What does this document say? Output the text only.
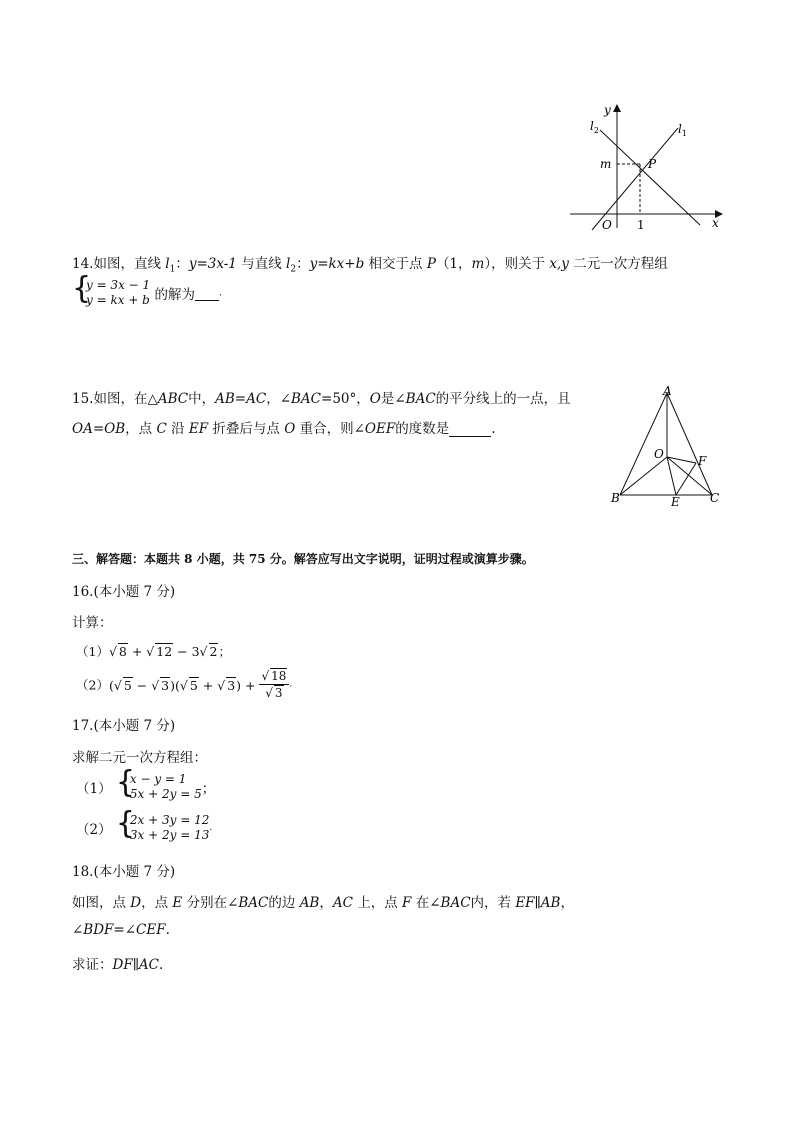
y
x
$l_2$	$l_1$
m	P
O 1
14.如图，直线 $l_1$：y=3x-1 与直线 $l_2$：y=kx+b 相交于点 P（1，m），则关于 x,y 二元一次方程组
{
y = 3x − 1
y = kx + b 的解为 .
A
O	F
B	E	C
15.如图，在△ABC中，AB=AC，∠BAC=50°，O是∠BAC的平分线上的一点，且
OA=OB，点 C 沿 EF 折叠后与点 O 重合，则∠OEF的度数是	.
三、解答题：本题共 8 小题，共 75 分。解答应写出文字说明，证明过程或演算步骤。
16.(本小题 7 分)
计算：
（1）√ 8 + √ 12 − 3√ 2；
（2）(√ 5 − √ 3)(√ 5 + √ $3) + \frac{√ 18}{√ 3}$ .
17.(本小题 7 分)
求解二元一次方程组：
（1） {
x − y = 1
5x + 2y = 5 ；
（2） {
2x + 3y = 12
3x + 2y = 13 .
18.(本小题 7 分)
如图，点 D，点 E 分别在∠BAC的边 AB，AC 上，点 F 在∠BAC内，若 EF∥AB，
∠BDF=∠CEF.
求证：DF∥AC.
